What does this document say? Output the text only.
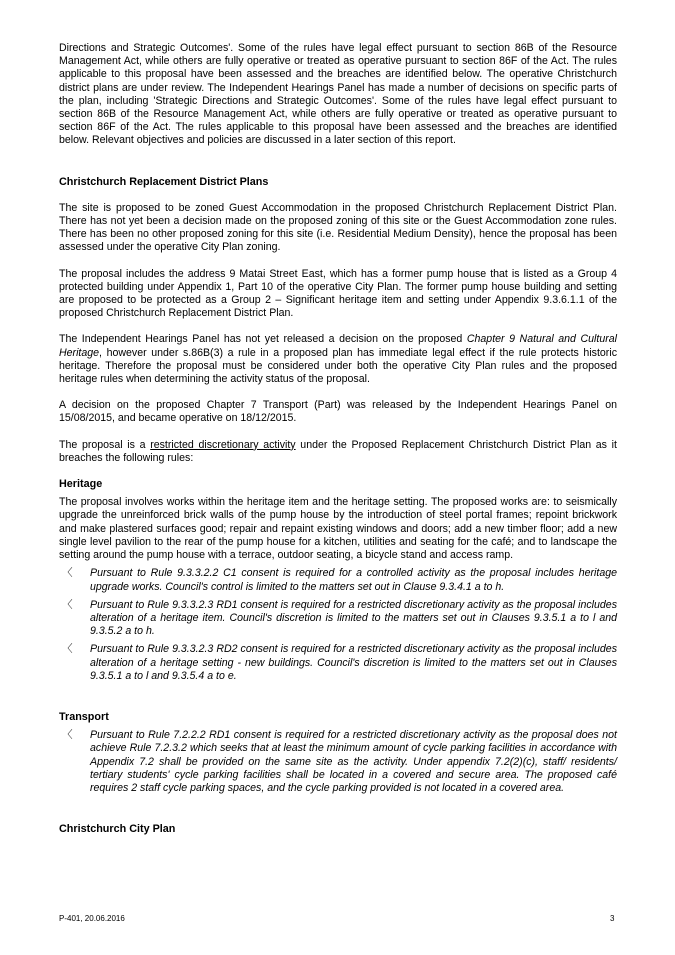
Directions and Strategic Outcomes'. Some of the rules have legal effect pursuant to section 86B of the Resource Management Act, while others are fully operative or treated as operative pursuant to section 86F of the Act. The rules applicable to this proposal have been assessed and the breaches are identified below. The operative Christchurch district plans are under review. The Independent Hearings Panel has made a number of decisions on specific parts of the plan, including 'Strategic Directions and Strategic Outcomes'. Some of the rules have legal effect pursuant to section 86B of the Resource Management Act, while others are fully operative or treated as operative pursuant to section 86F of the Act. The rules applicable to this proposal have been assessed and the breaches are identified below. Relevant objectives and policies are discussed in a later section of this report.

Christchurch Replacement District Plans

The site is proposed to be zoned Guest Accommodation in the proposed Christchurch Replacement District Plan. There has not yet been a decision made on the proposed zoning of this site or the Guest Accommodation zone rules. There has been no other proposed zoning for this site (i.e. Residential Medium Density), hence the proposal has been assessed under the operative City Plan zoning.

The proposal includes the address 9 Matai Street East, which has a former pump house that is listed as a Group 4 protected building under Appendix 1, Part 10 of the operative City Plan. The former pump house building and setting are proposed to be protected as a Group 2 – Significant heritage item and setting under Appendix 9.3.6.1.1 of the proposed Christchurch Replacement District Plan.

The Independent Hearings Panel has not yet released a decision on the proposed Chapter 9 Natural and Cultural Heritage, however under s.86B(3) a rule in a proposed plan has immediate legal effect if the rule protects historic heritage. Therefore the proposal must be considered under both the operative City Plan rules and the proposed heritage rules when determining the activity status of the proposal.

A decision on the proposed Chapter 7 Transport (Part) was released by the Independent Hearings Panel on 15/08/2015, and became operative on 18/12/2015.

The proposal is a restricted discretionary activity under the Proposed Replacement Christchurch District Plan as it breaches the following rules:

Heritage

The proposal involves works within the heritage item and the heritage setting. The proposed works are: to seismically upgrade the unreinforced brick walls of the pump house by the introduction of steel portal frames; repoint brickwork and make plastered surfaces good; repair and repaint existing windows and doors; add a new timber floor; add a new single level pavilion to the rear of the pump house for a kitchen, utilities and seating for the café; and to landscape the setting around the pump house with a terrace, outdoor seating, a bicycle stand and access ramp.

〈	Pursuant to Rule 9.3.3.2.2 C1 consent is required for a controlled activity as the proposal includes heritage upgrade works. Council's control is limited to the matters set out in Clause 9.3.4.1 a to h.
〈	Pursuant to Rule 9.3.3.2.3 RD1 consent is required for a restricted discretionary activity as the proposal includes alteration of a heritage item. Council's discretion is limited to the matters set out in Clauses 9.3.5.1 a to l and 9.3.5.2 a to h.
〈	Pursuant to Rule 9.3.3.2.3 RD2 consent is required for a restricted discretionary activity as the proposal includes alteration of a heritage setting - new buildings. Council's discretion is limited to the matters set out in Clauses 9.3.5.1 a to l and 9.3.5.4 a to e.
Transport
〈	Pursuant to Rule 7.2.2.2 RD1 consent is required for a restricted discretionary activity as the proposal does not achieve Rule 7.2.3.2 which seeks that at least the minimum amount of cycle parking facilities in accordance with Appendix 7.2 shall be provided on the same site as the activity. Under appendix 7.2(2)(c), staff/ residents/ tertiary students' cycle parking facilities shall be located in a covered and secure area. The proposed café requires 2 staff cycle parking spaces, and the cycle parking provided is not located in a covered area.
Christchurch City Plan
P-401, 20.06.2016	3
